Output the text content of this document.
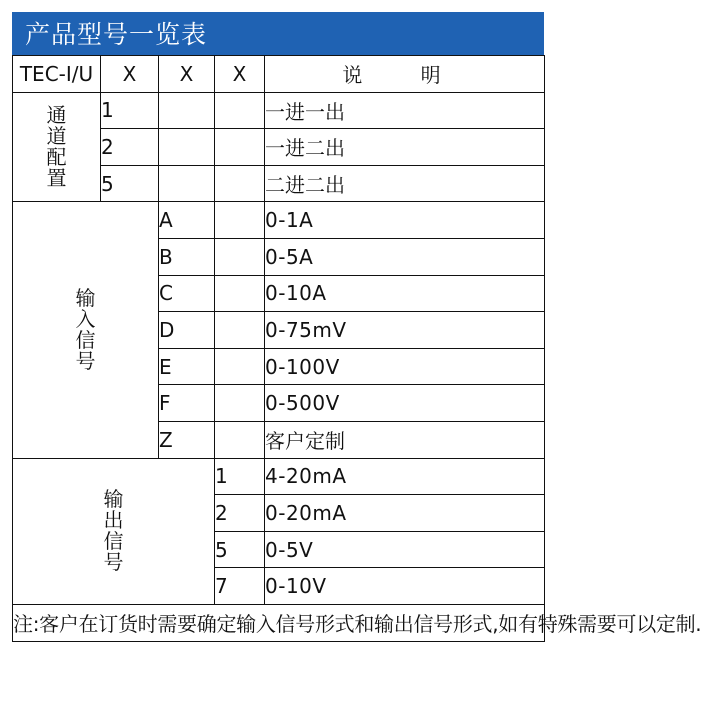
产品型号一览表
TEC-I/U	X	X	X	说 明
通道配置	1			一进一出
	2			一进二出
	5			二进二出
输入信号		A		0-1A
		B		0-5A
		C		0-10A
		D		0-75mV
		E		0-100V
		F		0-500V
		Z		客户定制
输出信号			1	4-20mA
			2	0-20mA
			5	0-5V
			7	0-10V
注:客户在订货时需要确定输入信号形式和输出信号形式,如有特殊需要可以定制.				
